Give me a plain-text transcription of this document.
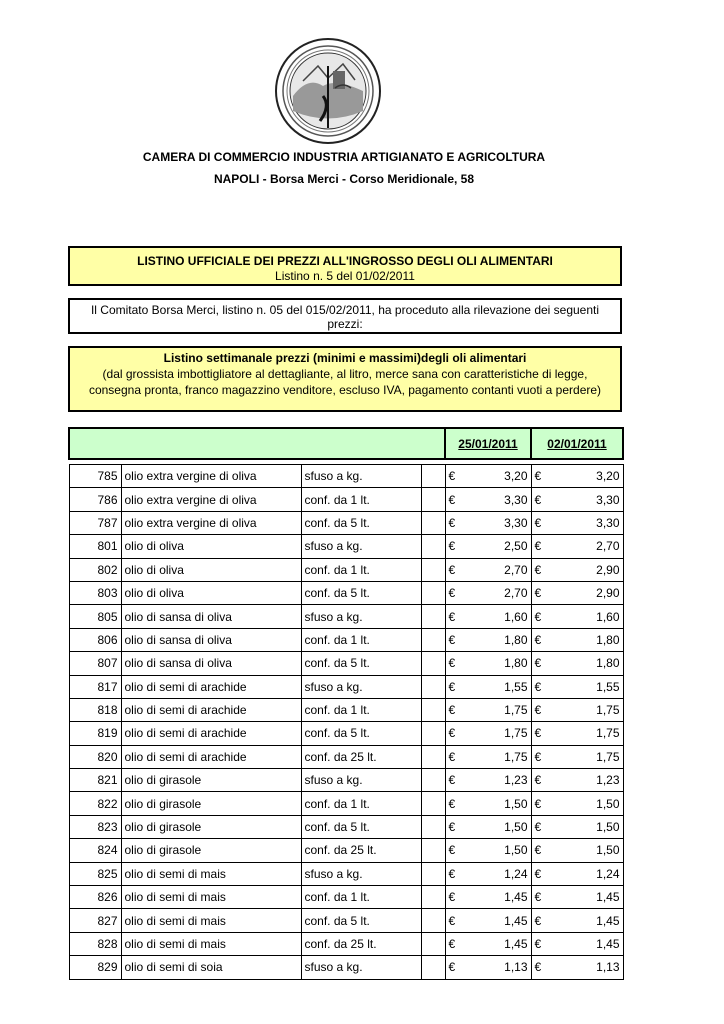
CAMERA DI COMMERCIO INDUSTRIA ARTIGIANATO E AGRICOLTURA
NAPOLI - Borsa Merci - Corso Meridionale, 58
LISTINO UFFICIALE DEI PREZZI ALL'INGROSSO DEGLI OLI ALIMENTARI
Listino n. 5 del 01/02/2011
Il Comitato Borsa Merci, listino n. 05 del 015/02/2011, ha proceduto alla rilevazione dei seguenti prezzi:
Listino settimanale prezzi (minimi e massimi)degli oli alimentari
(dal grossista imbottigliatore al dettagliante, al litro, merce sana con caratteristiche di legge,
consegna pronta, franco magazzino venditore, escluso IVA, pagamento contanti vuoti a perdere)
				25/01/2011		02/01/2011	

785	olio extra vergine di oliva	sfuso a kg.		€	3,20	€	3,20
786	olio extra vergine di oliva	conf. da 1 lt.		€	3,30	€	3,30
787	olio extra vergine di oliva	conf. da 5 lt.		€	3,30	€	3,30
801	olio di oliva	sfuso a kg.		€	2,50	€	2,70
802	olio di oliva	conf. da 1 lt.		€	2,70	€	2,90
803	olio di oliva	conf. da 5 lt.		€	2,70	€	2,90
805	olio di sansa di oliva	sfuso a kg.		€	1,60	€	1,60
806	olio di sansa di oliva	conf. da 1 lt.		€	1,80	€	1,80
807	olio di sansa di oliva	conf. da 5 lt.		€	1,80	€	1,80
817	olio di semi di arachide	sfuso a kg.		€	1,55	€	1,55
818	olio di semi di arachide	conf. da 1 lt.		€	1,75	€	1,75
819	olio di semi di arachide	conf. da 5 lt.		€	1,75	€	1,75
820	olio di semi di arachide	conf. da 25 lt.		€	1,75	€	1,75
821	olio di girasole	sfuso a kg.		€	1,23	€	1,23
822	olio di girasole	conf. da 1 lt.		€	1,50	€	1,50
823	olio di girasole	conf. da 5 lt.		€	1,50	€	1,50
824	olio di girasole	conf. da 25 lt.		€	1,50	€	1,50
825	olio di semi di mais	sfuso a kg.		€	1,24	€	1,24
826	olio di semi di mais	conf. da 1 lt.		€	1,45	€	1,45
827	olio di semi di mais	conf. da 5 lt.		€	1,45	€	1,45
828	olio di semi di mais	conf. da 25 lt.		€	1,45	€	1,45
829	olio di semi di soia	sfuso a kg.		€	1,13	€	1,13
